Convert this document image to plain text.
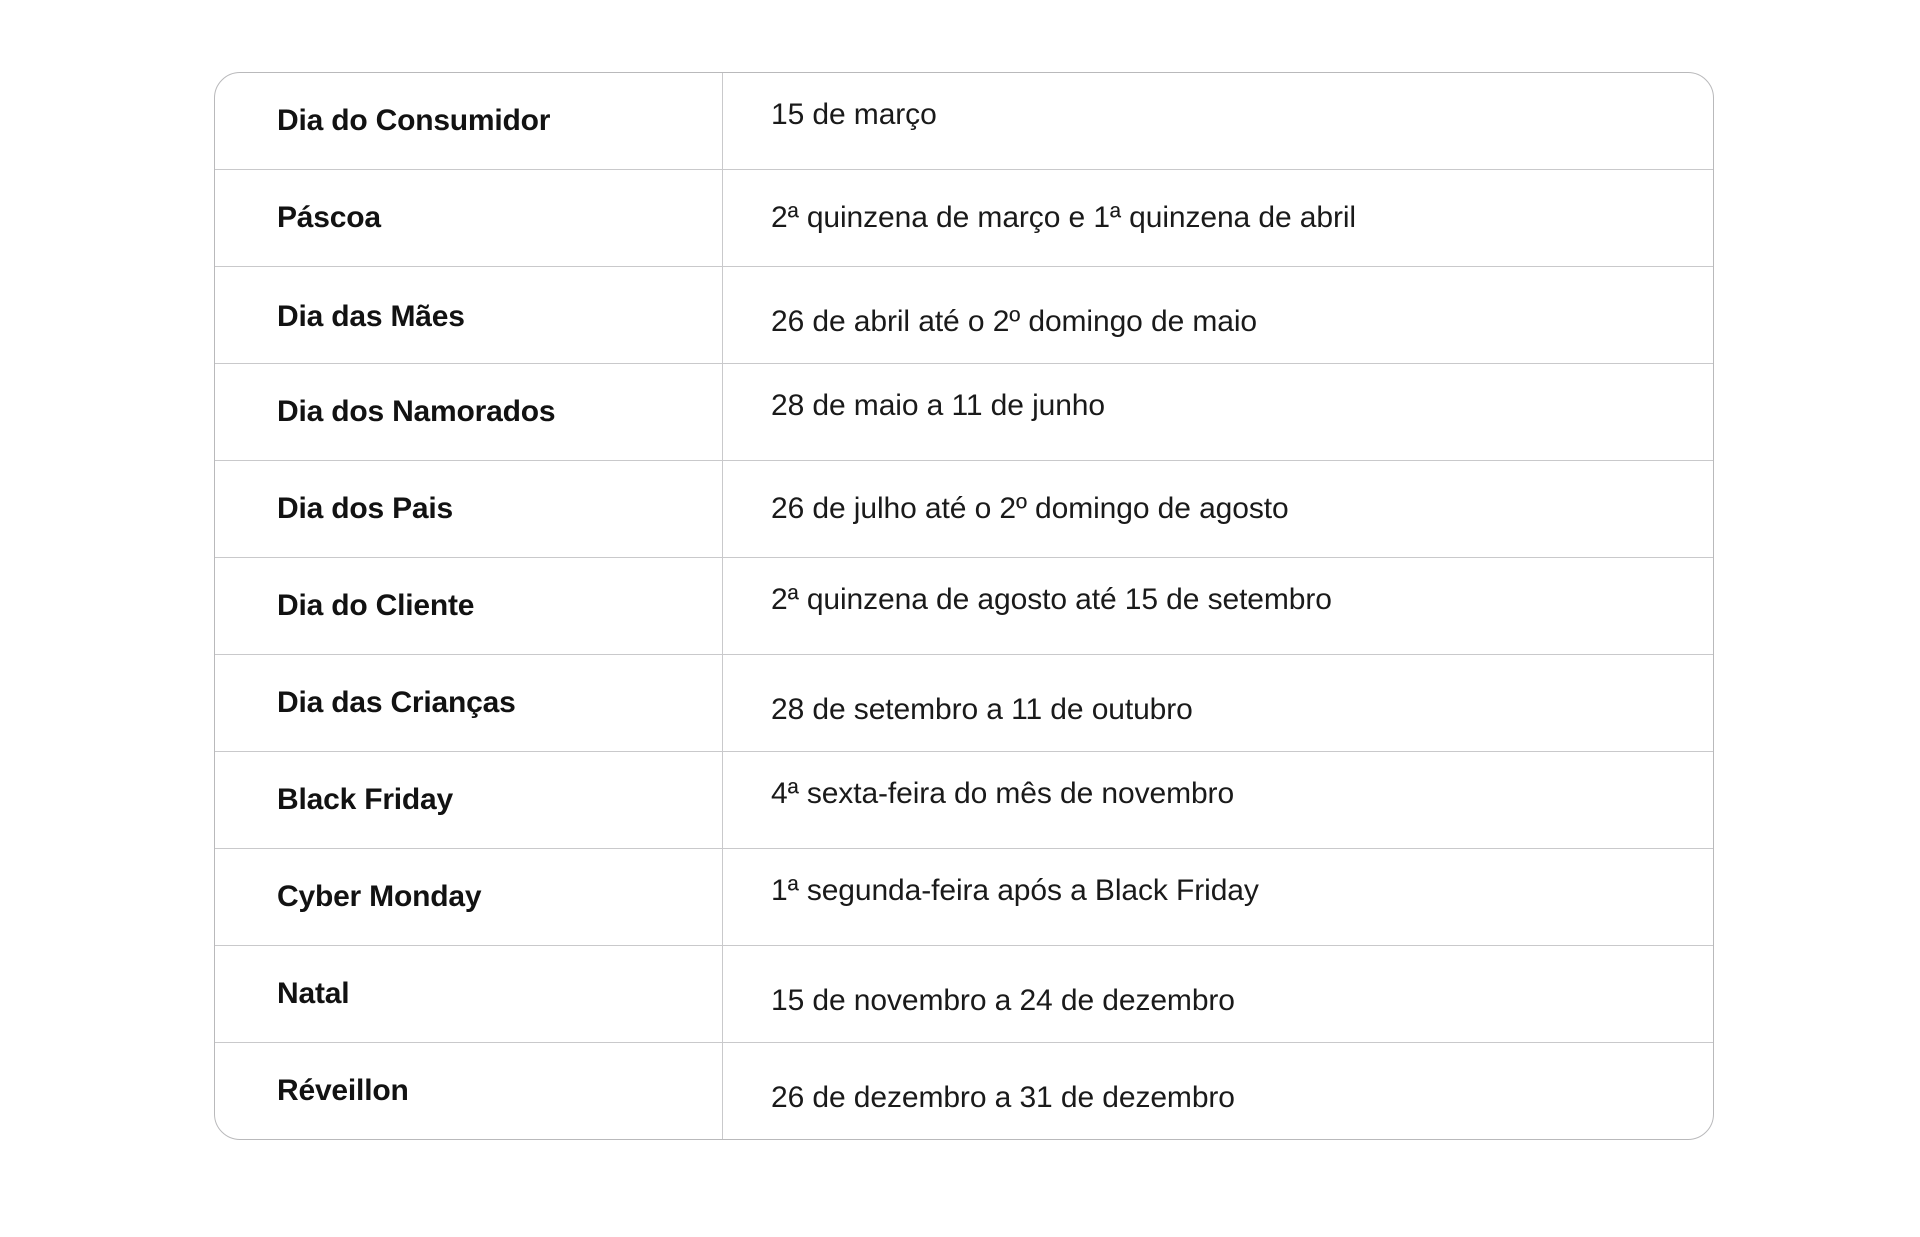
Dia do Consumidor	15 de março
Páscoa	2ª quinzena de março e 1ª quinzena de abril
Dia das Mães	26 de abril até o 2º domingo de maio
Dia dos Namorados	28 de maio a 11 de junho
Dia dos Pais	26 de julho até o 2º domingo de agosto
Dia do Cliente	2ª quinzena de agosto até 15 de setembro
Dia das Crianças	28 de setembro a 11 de outubro
Black Friday	4ª sexta-feira do mês de novembro
Cyber Monday	1ª segunda-feira após a Black Friday
Natal	15 de novembro a 24 de dezembro
Réveillon	26 de dezembro a 31 de dezembro
